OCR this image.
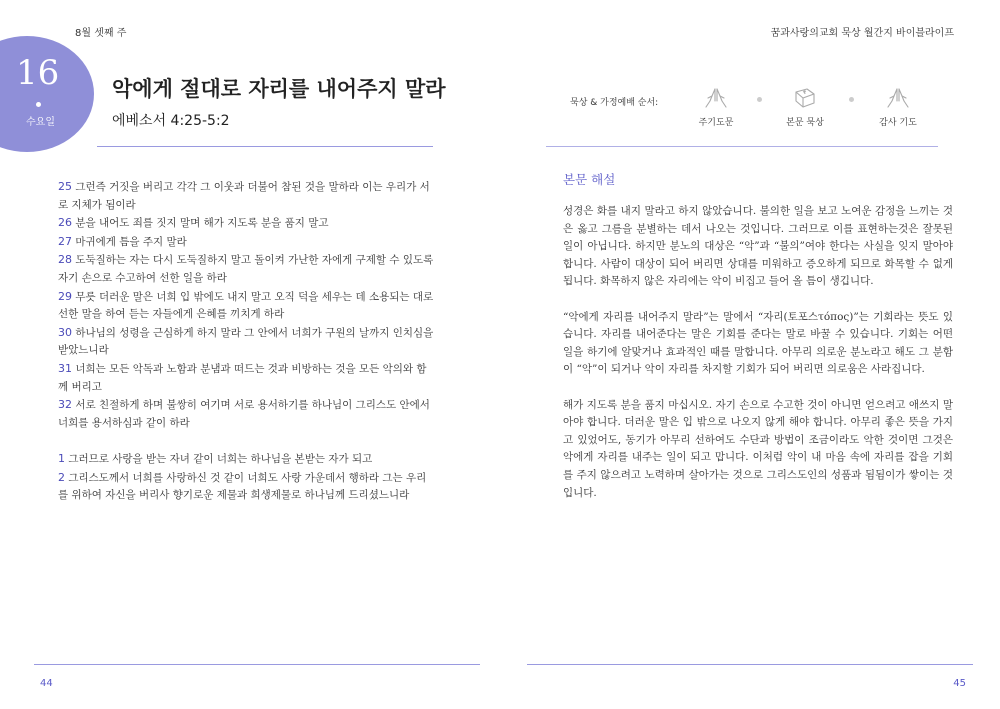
8월 셋째 주	꿈과사랑의교회 묵상 월간지 바이블라이프
16
수요일
악에게 절대로 자리를 내어주지 말라
에베소서 4:25-5:2

25 그런즉 거짓을 버리고 각각 그 이웃과 더불어 참된 것을 말하라 이는 우리가 서로 지체가 됨이라

26 분을 내어도 죄를 짓지 말며 해가 지도록 분을 품지 말고

27 마귀에게 틈을 주지 말라

28 도둑질하는 자는 다시 도둑질하지 말고 돌이켜 가난한 자에게 구제할 수 있도록 자기 손으로 수고하여 선한 일을 하라

29 무릇 더러운 말은 너희 입 밖에도 내지 말고 오직 덕을 세우는 데 소용되는 대로 선한 말을 하여 듣는 자들에게 은혜를 끼치게 하라

30 하나님의 성령을 근심하게 하지 말라 그 안에서 너희가 구원의 날까지 인치심을 받았느니라

31 너희는 모든 악독과 노함과 분냄과 떠드는 것과 비방하는 것을 모든 악의와 함께 버리고

32 서로 친절하게 하며 불쌍히 여기며 서로 용서하기를 하나님이 그리스도 안에서 너희를 용서하심과 같이 하라

1 그러므로 사랑을 받는 자녀 같이 너희는 하나님을 본받는 자가 되고

2 그리스도께서 너희를 사랑하신 것 같이 너희도 사랑 가운데서 행하라 그는 우리를 위하여 자신을 버리사 향기로운 제물과 희생제물로 하나님께 드리셨느니라

묵상 & 가정예배 순서:
주기도문	본문 묵상	감사 기도
본문 해설

성경은 화를 내지 말라고 하지 않았습니다. 불의한 일을 보고 노여운 감정을 느끼는 것은 옳고 그름을 분별하는 데서 나오는 것입니다. 그러므로 이를 표현하는것은 잘못된 일이 아닙니다. 하지만 분노의 대상은 “악”과 “불의”여야 한다는 사실을 잊지 말아야 합니다. 사람이 대상이 되어 버리면 상대를 미워하고 증오하게 되므로 화목할 수 없게 됩니다. 화목하지 않은 자리에는 악이 비집고 들어 올 틈이 생깁니다.

“악에게 자리를 내어주지 말라”는 말에서 “자리(토포스τόπος)”는 기회라는 뜻도 있습니다. 자리를 내어준다는 말은 기회를 준다는 말로 바꿀 수 있습니다. 기회는 어떤 일을 하기에 알맞거나 효과적인 때를 말합니다. 아무리 의로운 분노라고 해도 그 분함이 “악”이 되거나 악이 자리를 차지할 기회가 되어 버리면 의로움은 사라집니다.

해가 지도록 분을 품지 마십시오. 자기 손으로 수고한 것이 아니면 얻으려고 애쓰지 말아야 합니다. 더러운 말은 입 밖으로 나오지 않게 해야 합니다. 아무리 좋은 뜻을 가지고 있었어도, 동기가 아무리 선하여도 수단과 방법이 조금이라도 악한 것이면 그것은 악에게 자리를 내주는 일이 되고 맙니다. 이처럼 악이 내 마음 속에 자리를 잡을 기회를 주지 않으려고 노력하며 살아가는 것으로 그리스도인의 성품과 됨됨이가 쌓이는 것입니다.

44	45
